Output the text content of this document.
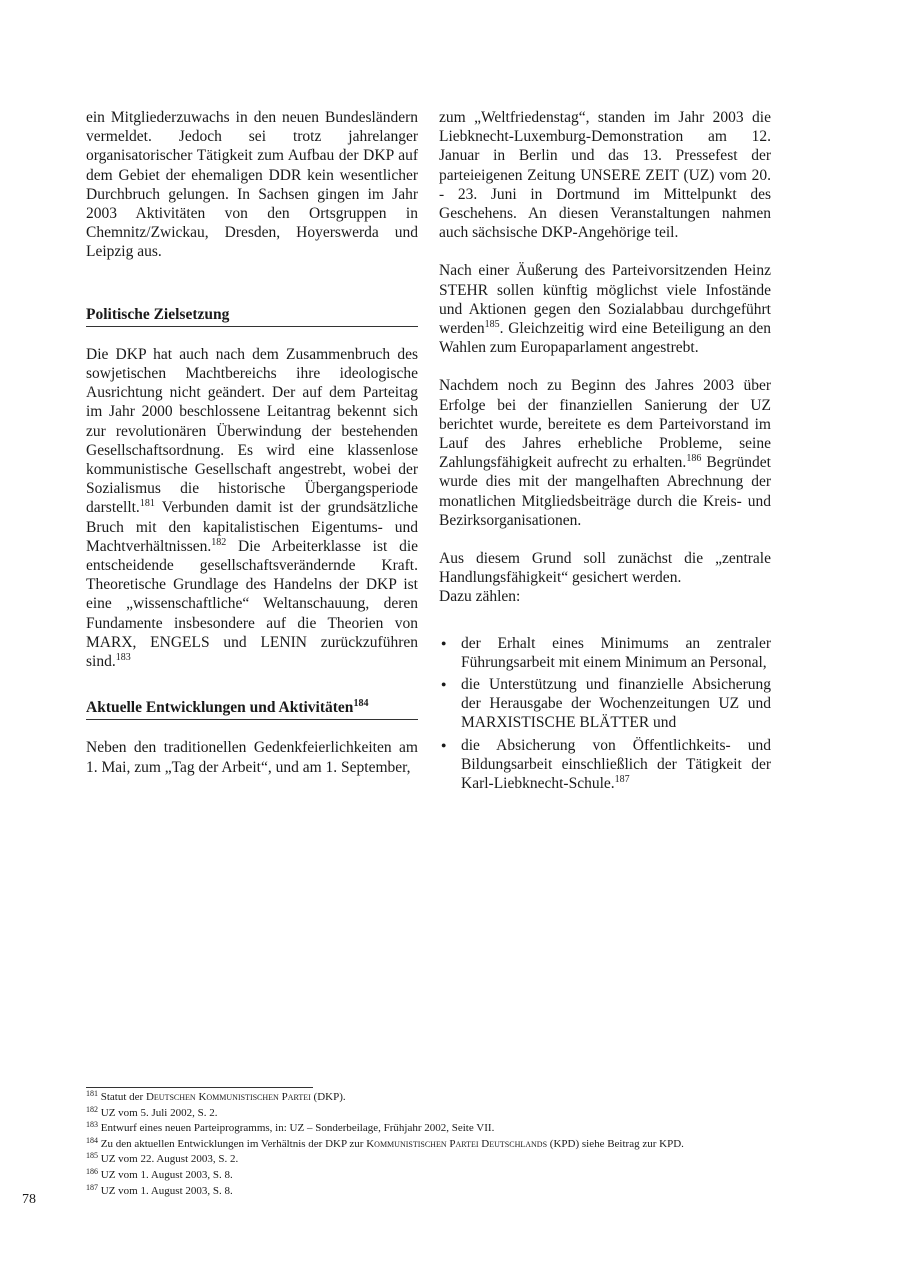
ein Mitgliederzuwachs in den neuen Bundesländern vermeldet. Jedoch sei trotz jahrelanger organisatorischer Tätigkeit zum Aufbau der DKP auf dem Gebiet der ehemaligen DDR kein wesentlicher Durchbruch gelungen. In Sachsen gingen im Jahr 2003 Aktivitäten von den Ortsgruppen in Chemnitz/Zwickau, Dresden, Hoyerswerda und Leipzig aus.

Politische Zielsetzung

Die DKP hat auch nach dem Zusammenbruch des sowjetischen Machtbereichs ihre ideologische Ausrichtung nicht geändert. Der auf dem Parteitag im Jahr 2000 beschlossene Leitantrag bekennt sich zur revolutionären Überwindung der bestehenden Gesellschaftsordnung. Es wird eine klassenlose kommunistische Gesellschaft angestrebt, wobei der Sozialismus die historische Übergangsperiode darstellt.$^{181}$ Verbunden damit ist der grundsätzliche Bruch mit den kapitalistischen Eigentums- und Machtverhältnissen.$^{182}$ Die Arbeiterklasse ist die entscheidende gesellschaftsverändernde Kraft. Theoretische Grundlage des Handelns der DKP ist eine „wissenschaftliche“ Weltanschauung, deren Fundamente insbesondere auf die Theorien von MARX, ENGELS und LENIN zurückzuführen sind.$^{183}$

Aktuelle Entwicklungen und Aktivitäten$^{184}$

Neben den traditionellen Gedenkfeierlichkeiten am 1. Mai, zum „Tag der Arbeit“, und am 1. September,

zum „Weltfriedenstag“, standen im Jahr 2003 die Liebknecht-Luxemburg-Demonstration am 12. Januar in Berlin und das 13. Pressefest der parteieigenen Zeitung UNSERE ZEIT (UZ) vom 20. - 23. Juni in Dortmund im Mittelpunkt des Geschehens. An diesen Veranstaltungen nahmen auch sächsische DKP-Angehörige teil.

Nach einer Äußerung des Parteivorsitzenden Heinz STEHR sollen künftig möglichst viele Infostände und Aktionen gegen den Sozialabbau durchgeführt werden$^{185}$. Gleichzeitig wird eine Beteiligung an den Wahlen zum Europaparlament angestrebt.

Nachdem noch zu Beginn des Jahres 2003 über Erfolge bei der finanziellen Sanierung der UZ berichtet wurde, bereitete es dem Parteivorstand im Lauf des Jahres erhebliche Probleme, seine Zahlungsfähigkeit aufrecht zu erhalten.$^{186}$ Begründet wurde dies mit der mangelhaften Abrechnung der monatlichen Mitgliedsbeiträge durch die Kreis- und Bezirksorganisationen.

Aus diesem Grund soll zunächst die „zentrale Handlungsfähigkeit“ gesichert werden.
Dazu zählen:

● der Erhalt eines Minimums an zentraler Führungsarbeit mit einem Minimum an Personal,
● die Unterstützung und finanzielle Absicherung der Herausgabe der Wochenzeitungen UZ und MARXISTISCHE BLÄTTER und
● die Absicherung von Öffentlichkeits- und Bildungsarbeit einschließlich der Tätigkeit der Karl-Liebknecht-Schule.$^{187}$
$^{181}$ Statut der Deutschen Kommunistischen Partei (DKP).
$^{182}$ UZ vom 5. Juli 2002, S. 2.
$^{183}$ Entwurf eines neuen Parteiprogramms, in: UZ – Sonderbeilage, Frühjahr 2002, Seite VII.
$^{184}$ Zu den aktuellen Entwicklungen im Verhältnis der DKP zur Kommunistischen Partei Deutschlands (KPD) siehe Beitrag zur KPD.
$^{185}$ UZ vom 22. August 2003, S. 2.
$^{186}$ UZ vom 1. August 2003, S. 8.
$^{187}$ UZ vom 1. August 2003, S. 8.
78
